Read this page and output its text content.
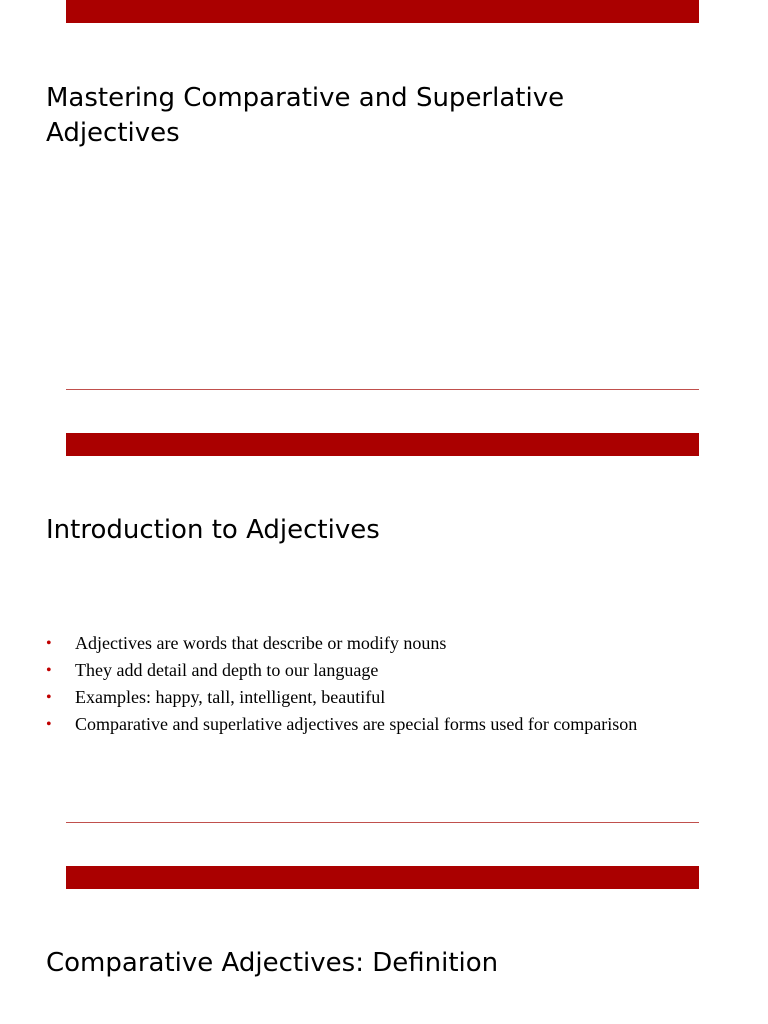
Mastering Comparative and Superlative Adjectives
Introduction to Adjectives
• Adjectives are words that describe or modify nouns
• They add detail and depth to our language
• Examples: happy, tall, intelligent, beautiful
• Comparative and superlative adjectives are special forms used for comparison
Comparative Adjectives: Definition
